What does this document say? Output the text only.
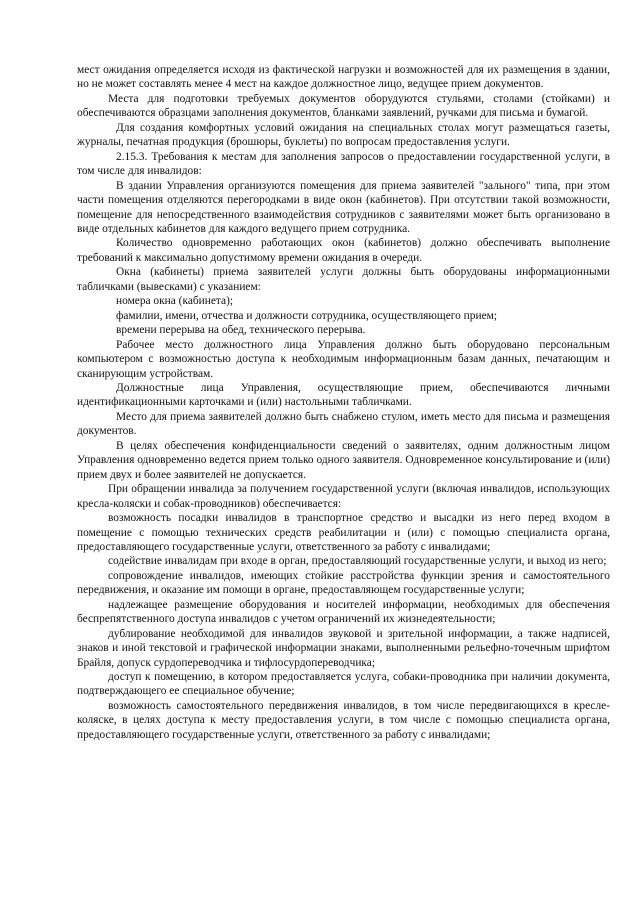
мест ожидания определяется исходя из фактической нагрузки и возможностей для их размещения в здании, но не может составлять менее 4 мест на каждое должностное лицо, ведущее прием документов.

Места для подготовки требуемых документов оборудуются стульями, столами (стойками) и обеспечиваются образцами заполнения документов, бланками заявлений, ручками для письма и бумагой.

Для создания комфортных условий ожидания на специальных столах могут размещаться газеты, журналы, печатная продукция (брошюры, буклеты) по вопросам предоставления услуги.

2.15.3. Требования к местам для заполнения запросов о предоставлении государственной услуги, в том числе для инвалидов:

В здании Управления организуются помещения для приема заявителей "зального" типа, при этом части помещения отделяются перегородками в виде окон (кабинетов). При отсутствии такой возможности, помещение для непосредственного взаимодействия сотрудников с заявителями может быть организовано в виде отдельных кабинетов для каждого ведущего прием сотрудника.

Количество одновременно работающих окон (кабинетов) должно обеспечивать выполнение требований к максимально допустимому времени ожидания в очереди.

Окна (кабинеты) приема заявителей услуги должны быть оборудованы информационными табличками (вывесками) с указанием:

номера окна (кабинета);

фамилии, имени, отчества и должности сотрудника, осуществляющего прием;

времени перерыва на обед, технического перерыва.

Рабочее место должностного лица Управления должно быть оборудовано персональным компьютером с возможностью доступа к необходимым информационным базам данных, печатающим и сканирующим устройствам.

Должностные лица Управления, осуществляющие прием, обеспечиваются личными идентификационными карточками и (или) настольными табличками.

Место для приема заявителей должно быть снабжено стулом, иметь место для письма и размещения документов.

В целях обеспечения конфиденциальности сведений о заявителях, одним должностным лицом Управления одновременно ведется прием только одного заявителя. Одновременное консультирование и (или) прием двух и более заявителей не допускается.

При обращении инвалида за получением государственной услуги (включая инвалидов, использующих кресла-коляски и собак-проводников) обеспечивается:

возможность посадки инвалидов в транспортное средство и высадки из него перед входом в помещение с помощью технических средств реабилитации и (или) с помощью специалиста органа, предоставляющего государственные услуги, ответственного за работу с инвалидами;

содействие инвалидам при входе в орган, предоставляющий государственные услуги, и выход из него;

сопровождение инвалидов, имеющих стойкие расстройства функции зрения и самостоятельного передвижения, и оказание им помощи в органе, предоставляющем государственные услуги;

надлежащее размещение оборудования и носителей информации, необходимых для обеспечения беспрепятственного доступа инвалидов с учетом ограничений их жизнедеятельности;

дублирование необходимой для инвалидов звуковой и зрительной информации, а также надписей, знаков и иной текстовой и графической информации знаками, выполненными рельефно-точечным шрифтом Брайля, допуск сурдопереводчика и тифлосурдопереводчика;

доступ к помещению, в котором предоставляется услуга, собаки-проводника при наличии документа, подтверждающего ее специальное обучение;

возможность самостоятельного передвижения инвалидов, в том числе передвигающихся в кресле-коляске, в целях доступа к месту предоставления услуги, в том числе с помощью специалиста органа, предоставляющего государственные услуги, ответственного за работу с инвалидами;
